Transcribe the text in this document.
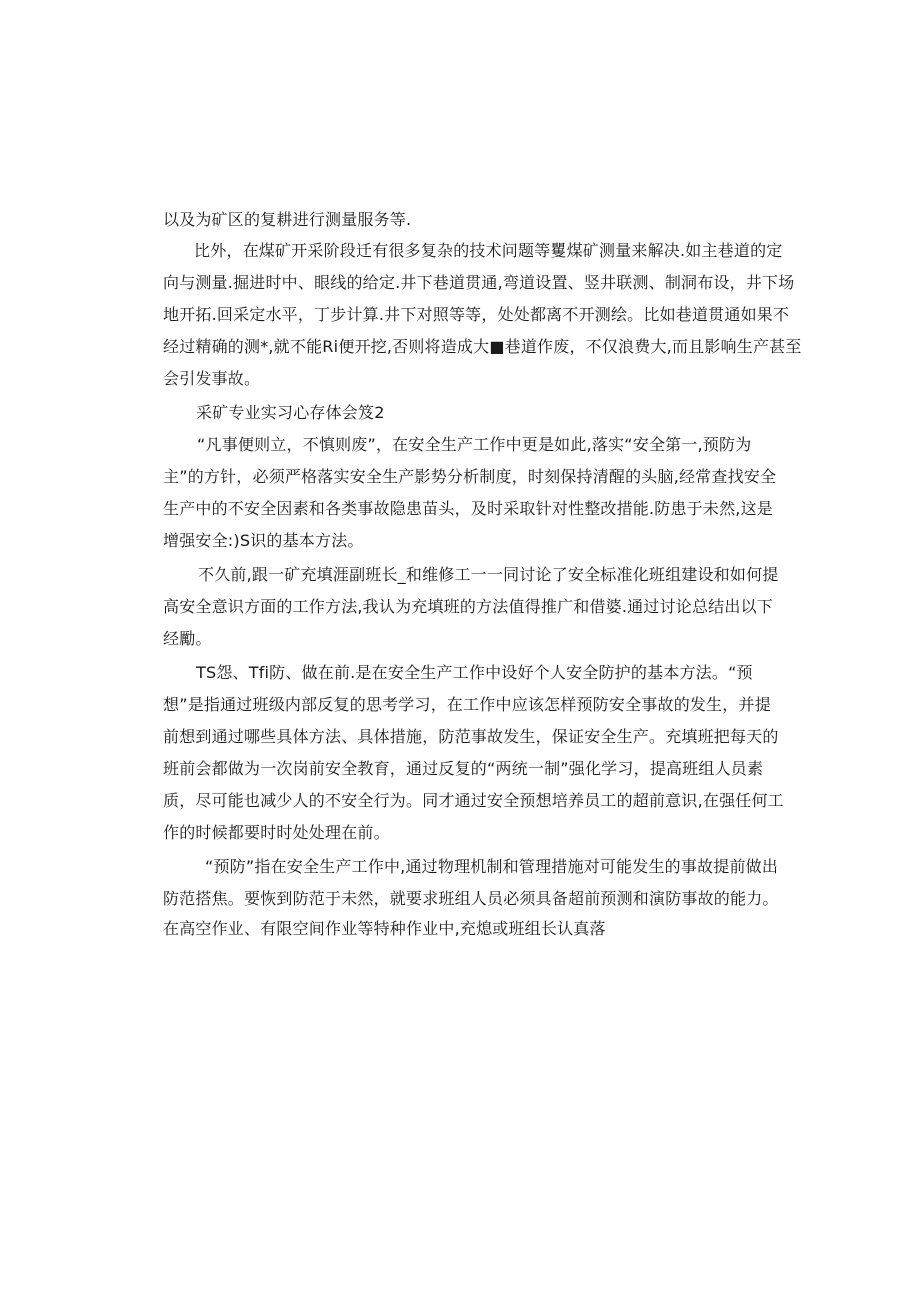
以及为矿区的复耕进行测量服务等.
比外，在煤矿开采阶段迁有很多复杂的技术问题等矍煤矿测量来解决.如主巷道的定
向与测量.掘进时中、眼线的给定.井下巷道贯通,弯道设置、竖井联测、制洞布设，井下场
地开拓.回采定水平，丁步计算.井下对照等等，处处都离不开测绘。比如巷道贯通如果不
经过精确的测*,就不能Ri便开挖,否则将造成大■巷道作废，不仅浪费大,而且影响生产甚至
会引发事故。
采矿专业实习心存体会笈2
“凡事便则立，不慎则废”，在安全生产工作中更是如此,落实“安全第一,预防为
主”的方针，必须严格落实安全生产影势分析制度，时刻保持清醒的头脑,经常查找安全
生产中的不安全因素和各类事故隐患苗头，及时采取针对性整改措能.防患于未然,这是
增强安全:)S识的基本方法。
不久前,跟一矿充填涯副班长_和维修工一一同讨论了安全标准化班组建设和如何提
高安全意识方面的工作方法,我认为充填班的方法值得推广和借婆.通过讨论总结出以下
经勵。
TS怨、Tfi防、做在前.是在安全生产工作中设好个人安全防护的基本方法。“预
想”是指通过班级内部反复的思考学习，在工作中应该怎样预防安全事故的发生，并提
前想到通过哪些具体方法、具体措施，防范事故发生，保证安全生产。充填班把每天的
班前会都做为一次岗前安全教育，通过反复的“两统一制”强化学习，提高班组人员素
质，尽可能也减少人的不安全行为。同才通过安全预想培养员工的超前意识,在强任何工
作的时候都要时时处处理在前。
“预防”指在安全生产工作中,通过物理机制和管理措施对可能发生的事故提前做出
防范搭焦。要恢到防范于未然，就要求班组人员必须具备超前预测和演防事故的能力。
在高空作业、有限空间作业等特种作业中,充熄或班组长认真落
